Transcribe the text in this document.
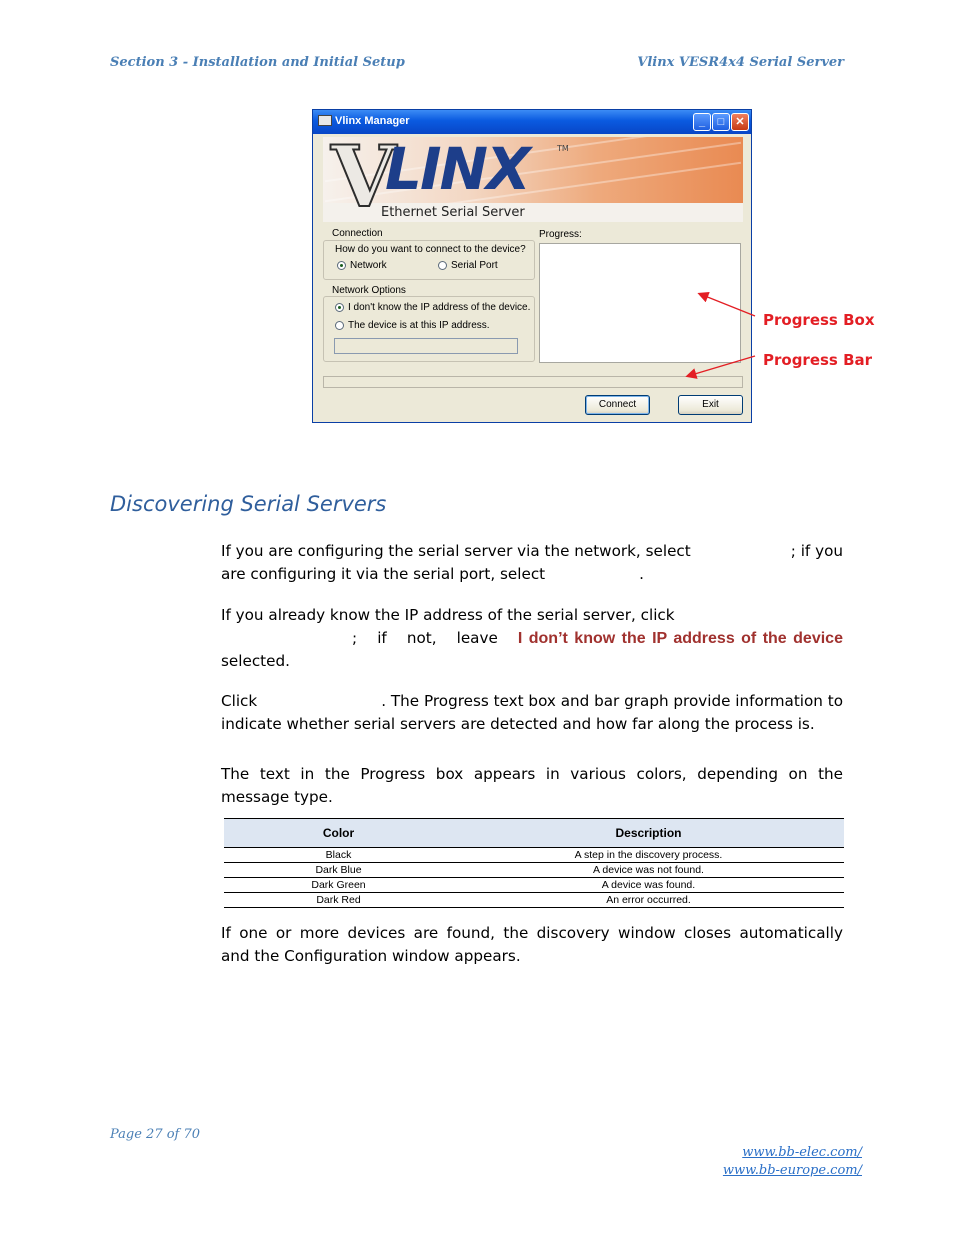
Section 3 - Installation and Initial Setup	Vlinx VESR4x4 Serial Server
Vlinx Manager	_	□	✕
V
LINX	TM
Ethernet Serial Server
Connection
How do you want to connect to the device?
Network	Serial Port
Network Options
I don't know the IP address of the device.
The device is at this IP address.
Progress:
Connect	Exit
Progress Box
Progress Bar
Discovering Serial Servers
If you are configuring the serial server via the network, select	; if you
are configuring it via the serial port, select	.
If you already know the IP address of the serial server, click
; if not, leave I don’t know the IP address of the device
selected.
Click	. The Progress text box and bar graph provide information to
indicate whether serial servers are detected and how far along the process is.
The text in the Progress box appears in various colors, depending on the
message type.
Color	Description
Black	A step in the discovery process.
Dark Blue	A device was not found.
Dark Green	A device was found.
Dark Red	An error occurred.
If one or more devices are found, the discovery window closes automatically
and the Configuration window appears.
Page 27 of 70
www.bb-elec.com/
www.bb-europe.com/
